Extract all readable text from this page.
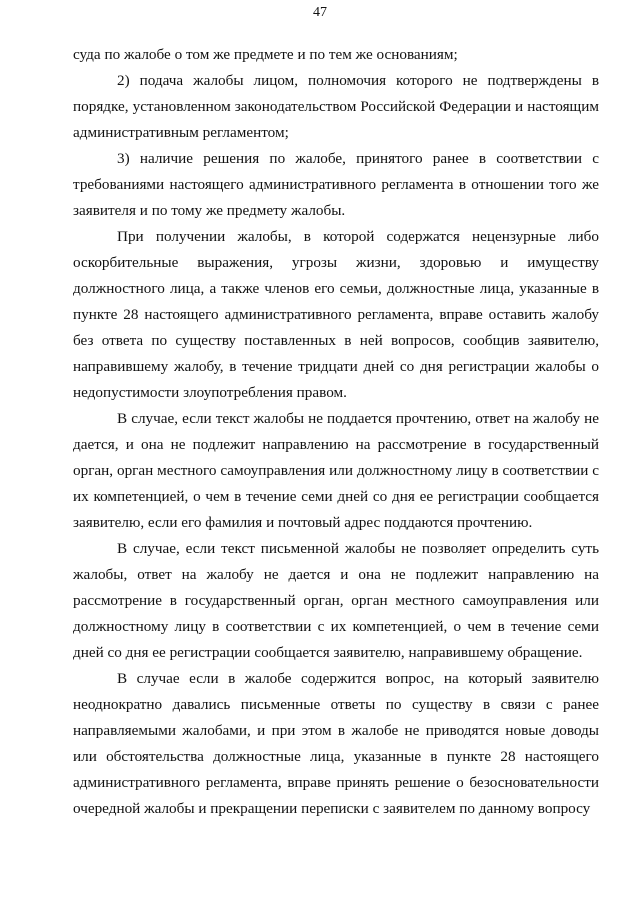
47

суда по жалобе о том же предмете и по тем же основаниям;

2) подача жалобы лицом, полномочия которого не подтверждены в порядке, установленном законодательством Российской Федерации и настоящим административным регламентом;

3) наличие решения по жалобе, принятого ранее в соответствии с требованиями настоящего административного регламента в отношении того же заявителя и по тому же предмету жалобы.

При получении жалобы, в которой содержатся нецензурные либо оскорбительные выражения, угрозы жизни, здоровью и имуществу должностного лица, а также членов его семьи, должностные лица, указанные в пункте 28 настоящего административного регламента, вправе оставить жалобу без ответа по существу поставленных в ней вопросов, сообщив заявителю, направившему жалобу, в течение тридцати дней со дня регистрации жалобы о недопустимости злоупотребления правом.

В случае, если текст жалобы не поддается прочтению, ответ на жалобу не дается, и она не подлежит направлению на рассмотрение в государственный орган, орган местного самоуправления или должностному лицу в соответствии с их компетенцией, о чем в течение семи дней со дня ее регистрации сообщается заявителю, если его фамилия и почтовый адрес поддаются прочтению.

В случае, если текст письменной жалобы не позволяет определить суть жалобы, ответ на жалобу не дается и она не подлежит направлению на рассмотрение в государственный орган, орган местного самоуправления или должностному лицу в соответствии с их компетенцией, о чем в течение семи дней со дня ее регистрации сообщается заявителю, направившему обращение.

В случае если в жалобе содержится вопрос, на который заявителю неоднократно давались письменные ответы по существу в связи с ранее направляемыми жалобами, и при этом в жалобе не приводятся новые доводы или обстоятельства должностные лица, указанные в пункте 28 настоящего административного регламента, вправе принять решение о безосновательности очередной жалобы и прекращении переписки с заявителем по данному вопросу
